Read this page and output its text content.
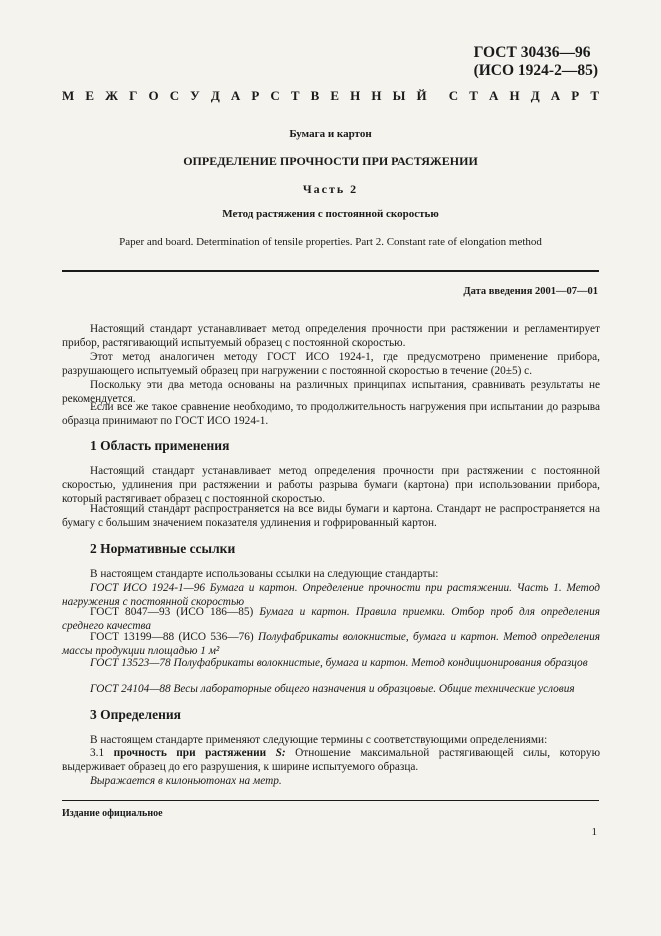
ГОСТ 30436—96
(ИСО 1924-2—85)
М Е Ж Г О С У Д А Р С Т В Е Н Н Ы Й С Т А Н Д А Р Т
Бумага и картон
ОПРЕДЕЛЕНИЕ ПРОЧНОСТИ ПРИ РАСТЯЖЕНИИ
Часть 2
Метод растяжения с постоянной скоростью
Paper and board. Determination of tensile properties. Part 2. Constant rate of elongation method
Дата введения 2001—07—01

Настоящий стандарт устанавливает метод определения прочности при растяжении и регламентирует прибор, растягивающий испытуемый образец с постоянной скоростью.

Этот метод аналогичен методу ГОСТ ИСО 1924-1, где предусмотрено применение прибора, разрушающего испытуемый образец при нагружении с постоянной скоростью в течение (20±5) с.

Поскольку эти два метода основаны на различных принципах испытания, сравнивать результаты не рекомендуется.

Если все же такое сравнение необходимо, то продолжительность нагружения при испытании до разрыва образца принимают по ГОСТ ИСО 1924-1.

1 Область применения

Настоящий стандарт устанавливает метод определения прочности при растяжении с постоянной скоростью, удлинения при растяжении и работы разрыва бумаги (картона) при использовании прибора, который растягивает образец с постоянной скоростью.

Настоящий стандарт распространяется на все виды бумаги и картона. Стандарт не распространяется на бумагу с большим значением показателя удлинения и гофрированный картон.

2 Нормативные ссылки

В настоящем стандарте использованы ссылки на следующие стандарты:

ГОСТ ИСО 1924-1—96 Бумага и картон. Определение прочности при растяжении. Часть 1. Метод нагружения с постоянной скоростью

ГОСТ 8047—93 (ИСО 186—85) Бумага и картон. Правила приемки. Отбор проб для определения среднего качества

ГОСТ 13199—88 (ИСО 536—76) Полуфабрикаты волокнистые, бумага и картон. Метод определения массы продукции площадью 1 м²

ГОСТ 13523—78 Полуфабрикаты волокнистые, бумага и картон. Метод кондиционирования образцов

ГОСТ 24104—88 Весы лабораторные общего назначения и образцовые. Общие технические условия

3 Определения

В настоящем стандарте применяют следующие термины с соответствующими определениями:

3.1 прочность при растяжении S: Отношение максимальной растягивающей силы, которую выдерживает образец до его разрушения, к ширине испытуемого образца.

Выражается в килоньютонах на метр.

Издание официальное
1
